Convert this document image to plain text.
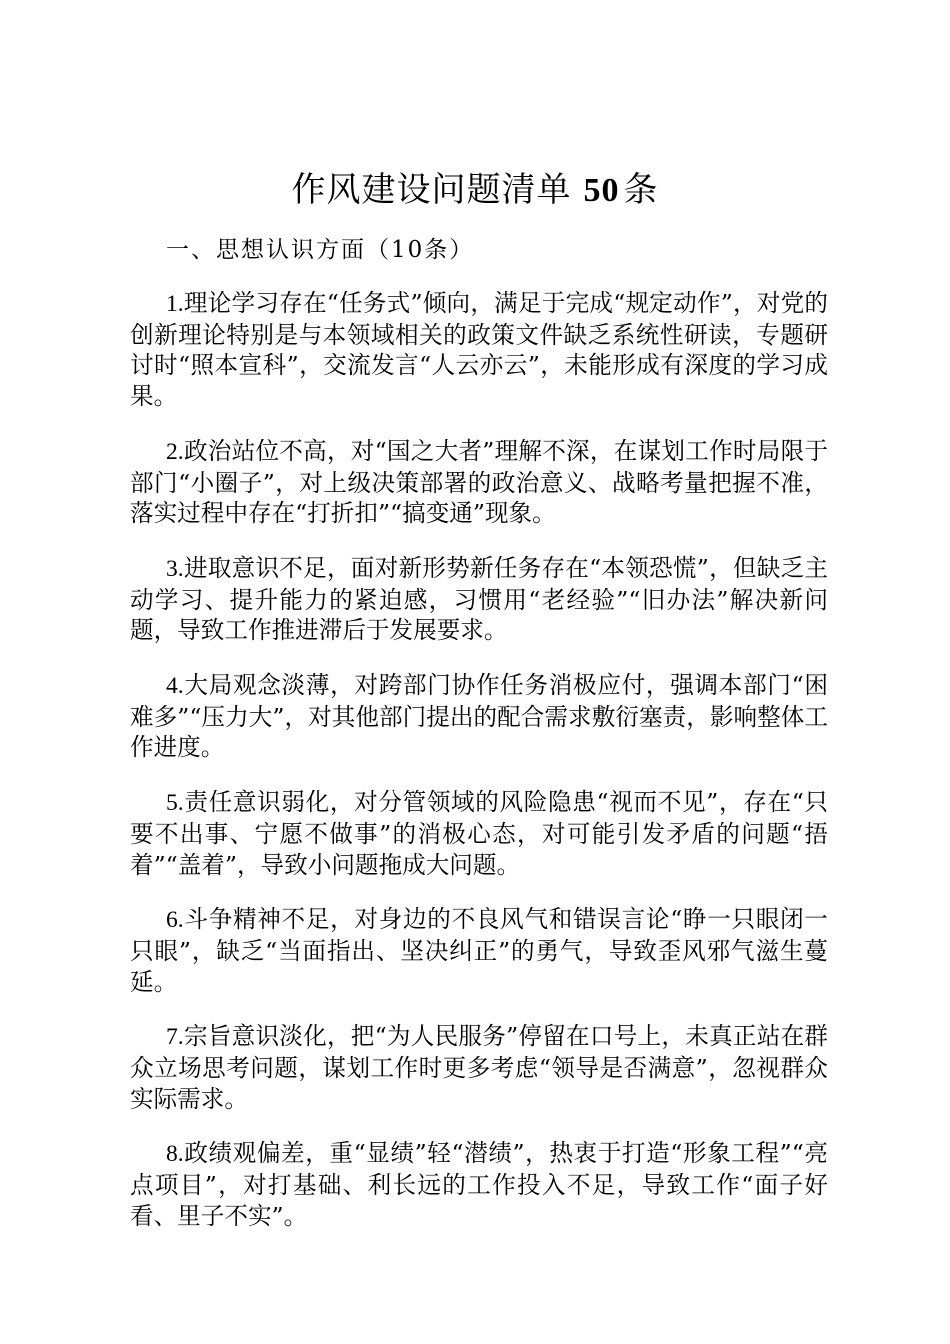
作风建设问题清单 50 条

一、思想认识方面（10条）

1.理论学习存在“任务式”倾向，满足于完成“规定动作”，对党的创新理论特别是与本领域相关的政策文件缺乏系统性研读，专题研讨时“照本宣科”，交流发言“人云亦云”，未能形成有深度的学习成果。
2.政治站位不高，对“国之大者”理解不深，在谋划工作时局限于部门“小圈子”，对上级决策部署的政治意义、战略考量把握不准，落实过程中存在“打折扣”“搞变通”现象。
3.进取意识不足，面对新形势新任务存在“本领恐慌”，但缺乏主动学习、提升能力的紧迫感，习惯用“老经验”“旧办法”解决新问题，导致工作推进滞后于发展要求。
4.大局观念淡薄，对跨部门协作任务消极应付，强调本部门“困难多”“压力大”，对其他部门提出的配合需求敷衍塞责，影响整体工作进度。
5.责任意识弱化，对分管领域的风险隐患“视而不见”，存在“只要不出事、宁愿不做事”的消极心态，对可能引发矛盾的问题“捂着”“盖着”，导致小问题拖成大问题。
6.斗争精神不足，对身边的不良风气和错误言论“睁一只眼闭一只眼”，缺乏“当面指出、坚决纠正”的勇气，导致歪风邪气滋生蔓延。
7.宗旨意识淡化，把“为人民服务”停留在口号上，未真正站在群众立场思考问题，谋划工作时更多考虑“领导是否满意”，忽视群众实际需求。
8.政绩观偏差，重“显绩”轻“潜绩”，热衷于打造“形象工程”“亮点项目”，对打基础、利长远的工作投入不足，导致工作“面子好看、里子不实”。
